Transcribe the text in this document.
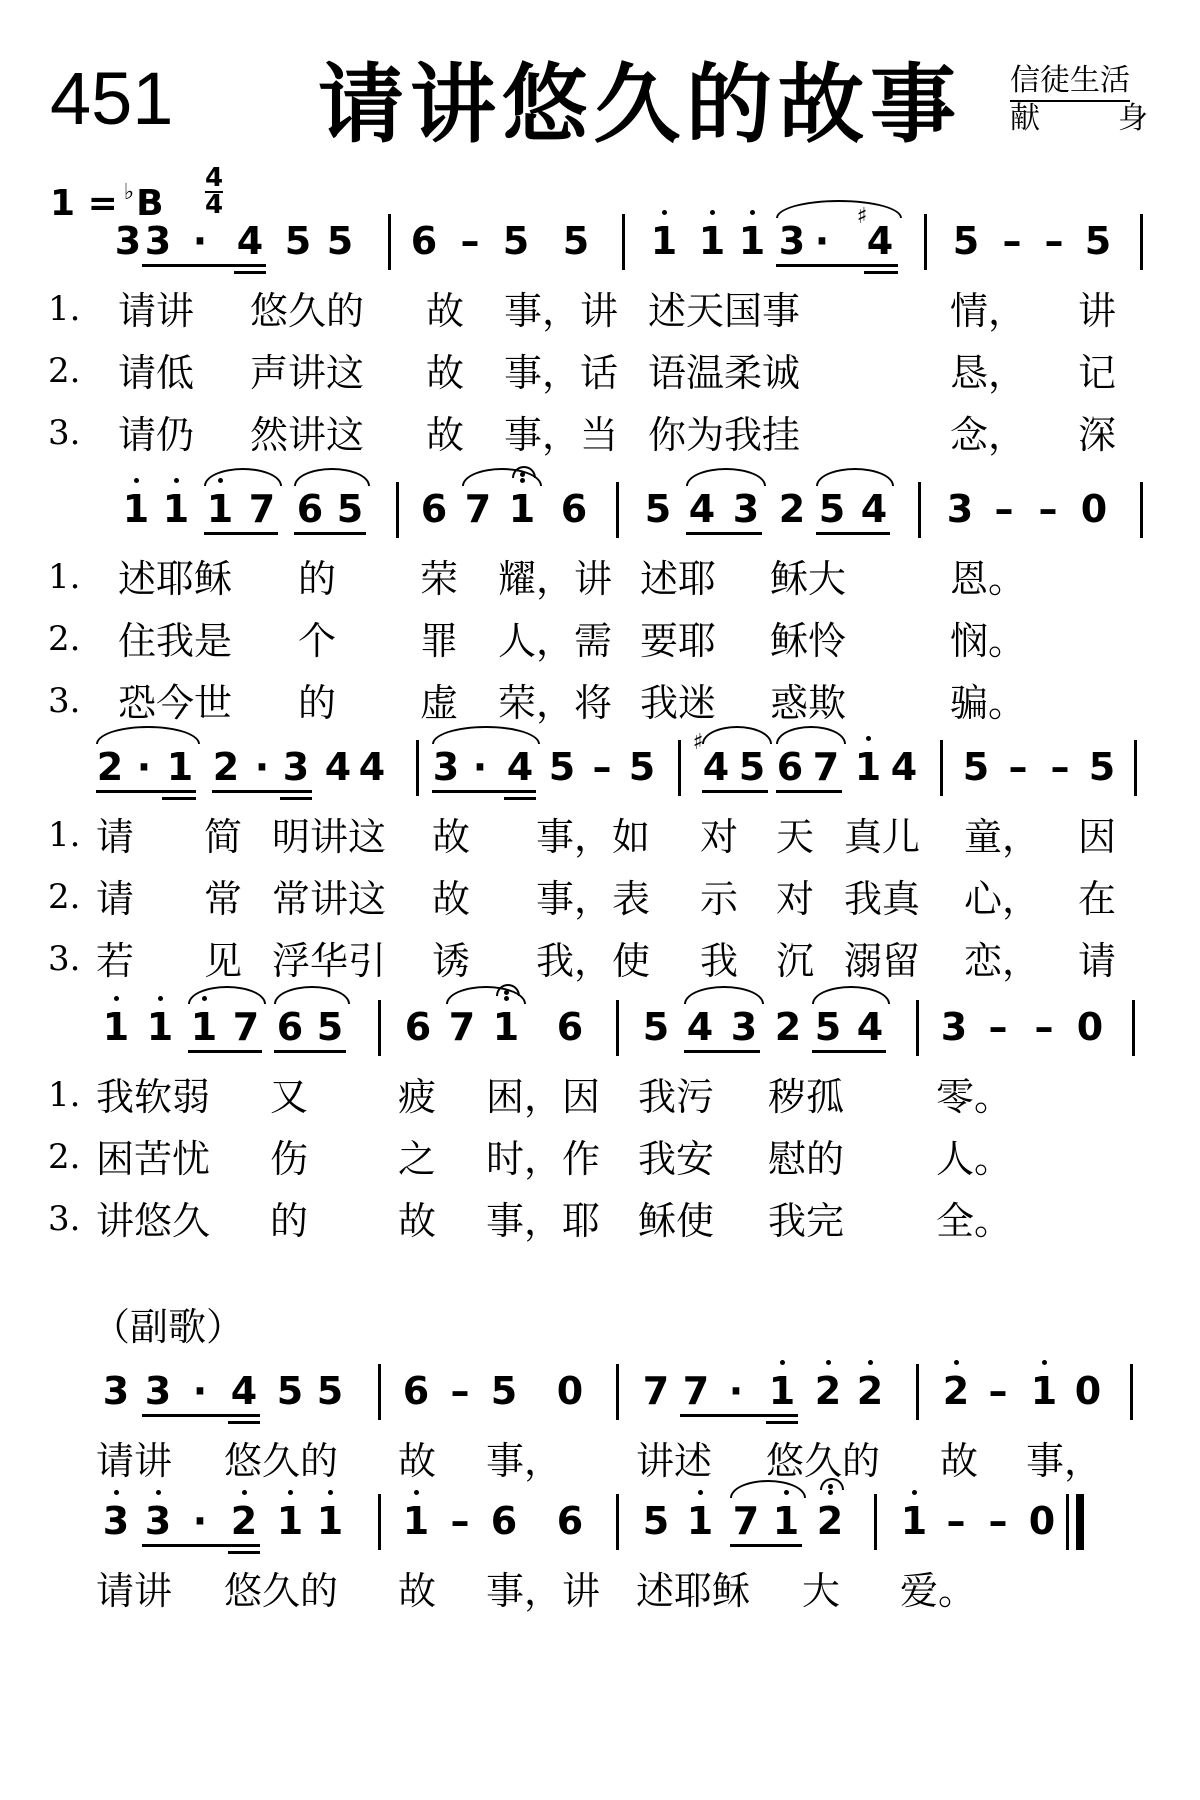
451 请讲悠久的故事 信徒生活
献	身
1 = ♭B
4
4
（副歌）
3 3 · 4 5 5 6 – 5 5 1 1 1 3 · 4
♯
5 – – 5
1. 请讲 悠久的 故 事，讲 述天国事	情， 讲
2. 请低 声讲这 故 事，话 语温柔诚	恳， 记
3. 请仍 然讲这 故 事，当 你为我挂	念， 深
1 1 1 7 6 5 6 7 1 6 5 4 3 2 5 4 3 – – 0
1. 述耶稣 的 荣 耀，讲 述耶 稣大	恩。
2. 住我是 个 罪 人，需 要耶 稣怜	悯。
3. 恐今世 的 虚 荣，将 我迷 惑欺	骗。
2 · 1 2 · 3 4 4 3 · 4 5 – 5 4
♯
5 6 7 1 4 5 – – 5
1. 请 简 明讲这 故 事，如 对 天 真儿 童， 因
2. 请 常 常讲这 故 事，表 示 对 我真 心， 在
3. 若 见 浮华引 诱 我，使 我 沉 溺留 恋， 请
1 1 1 7 6 5 6 7 1 6 5 4 3 2 5 4 3 – – 0
1. 我软弱 又 疲 困，因 我污 秽孤 零。
2. 困苦忧 伤 之 时，作 我安 慰的 人。
3. 讲悠久 的 故 事，耶 稣使 我完 全。
3 3 · 4 5 5 6 – 5 0 7 7 · 1 2 2 2 – 1 0
请讲 悠久的 故 事， 讲述 悠久的 故 事，
3 3 · 2 1 1 1 – 6 6 5 1 7 1 2 1 – – 0
请讲 悠久的 故 事，讲 述耶稣 大 爱。
